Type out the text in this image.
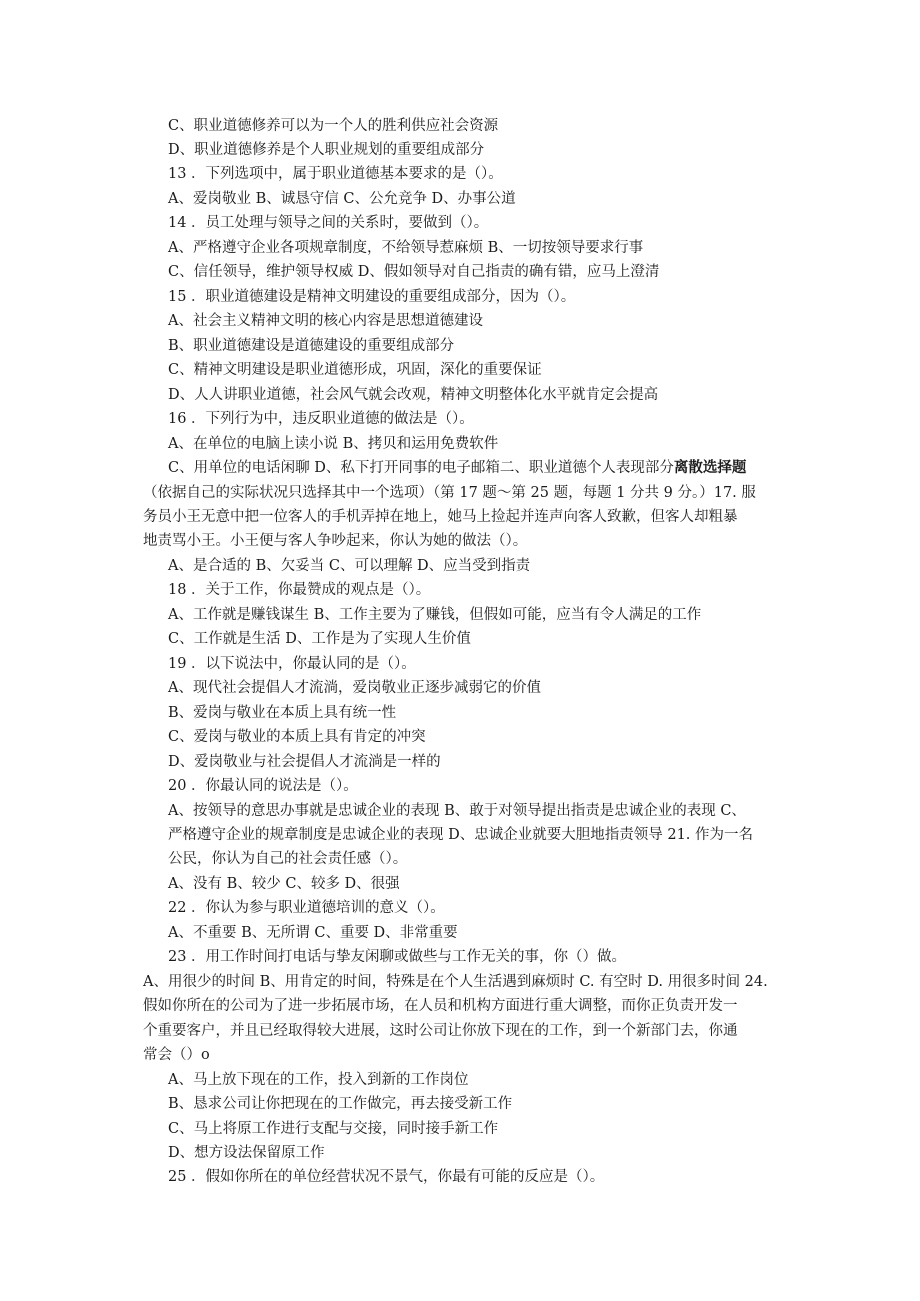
C、职业道德修养可以为一个人的胜利供应社会资源
D、职业道德修养是个人职业规划的重要组成部分
13 ．下列选项中，属于职业道德基本要求的是（）。
A、爱岗敬业 B、诚恳守信 C、公允竞争 D、办事公道
14 ．员工处理与领导之间的关系时，要做到（）。
A、严格遵守企业各项规章制度，不给领导惹麻烦 B、一切按领导要求行事
C、信任领导，维护领导权威 D、假如领导对自己指责的确有错，应马上澄清
15 ．职业道德建设是精神文明建设的重要组成部分，因为（）。
A、社会主义精神文明的核心内容是思想道德建设
B、职业道德建设是道德建设的重要组成部分
C、精神文明建设是职业道德形成，巩固，深化的重要保证
D、人人讲职业道德，社会风气就会改观，精神文明整体化水平就肯定会提高
16 ．下列行为中，违反职业道德的做法是（）。
A、在单位的电脑上读小说 B、拷贝和运用免费软件
C、用单位的电话闲聊 D、私下打开同事的电子邮箱二、职业道德个人表现部分离散选择题
（依据自己的实际状况只选择其中一个选项）（第 17 题～第 25 题，每题 1 分共 9 分。）17. 服
务员小王无意中把一位客人的手机弄掉在地上，她马上捡起并连声向客人致歉，但客人却粗暴
地责骂小王。小王便与客人争吵起来，你认为她的做法（）。
A、是合适的 B、欠妥当 C、可以理解 D、应当受到指责
18 ．关于工作，你最赞成的观点是（）。
A、工作就是赚钱谋生 B、工作主要为了赚钱，但假如可能，应当有令人满足的工作
C、工作就是生活 D、工作是为了实现人生价值
19 ．以下说法中，你最认同的是（）。
A、现代社会提倡人才流淌，爱岗敬业正逐步减弱它的价值
B、爱岗与敬业在本质上具有统一性
C、爱岗与敬业的本质上具有肯定的冲突
D、爱岗敬业与社会提倡人才流淌是一样的
20 ．你最认同的说法是（）。
A、按领导的意思办事就是忠诚企业的表现 B、敢于对领导提出指责是忠诚企业的表现 C、
严格遵守企业的规章制度是忠诚企业的表现 D、忠诚企业就要大胆地指责领导 21. 作为一名
公民，你认为自己的社会责任感（）。
A、没有 B、较少 C、较多 D、很强
22 ．你认为参与职业道德培训的意义（）。
A、不重要 B、无所谓 C、重要 D、非常重要
23 ．用工作时间打电话与挚友闲聊或做些与工作无关的事，你（）做。
A、用很少的时间 B、用肯定的时间，特殊是在个人生活遇到麻烦时 C. 有空时 D. 用很多时间 24.
假如你所在的公司为了进一步拓展市场，在人员和机构方面进行重大调整，而你正负责开发一
个重要客户，并且已经取得较大进展，这时公司让你放下现在的工作，到一个新部门去，你通
常会（）o
A、马上放下现在的工作，投入到新的工作岗位
B、恳求公司让你把现在的工作做完，再去接受新工作
C、马上将原工作进行支配与交接，同时接手新工作
D、想方设法保留原工作
25 ．假如你所在的单位经营状况不景气，你最有可能的反应是（）。
